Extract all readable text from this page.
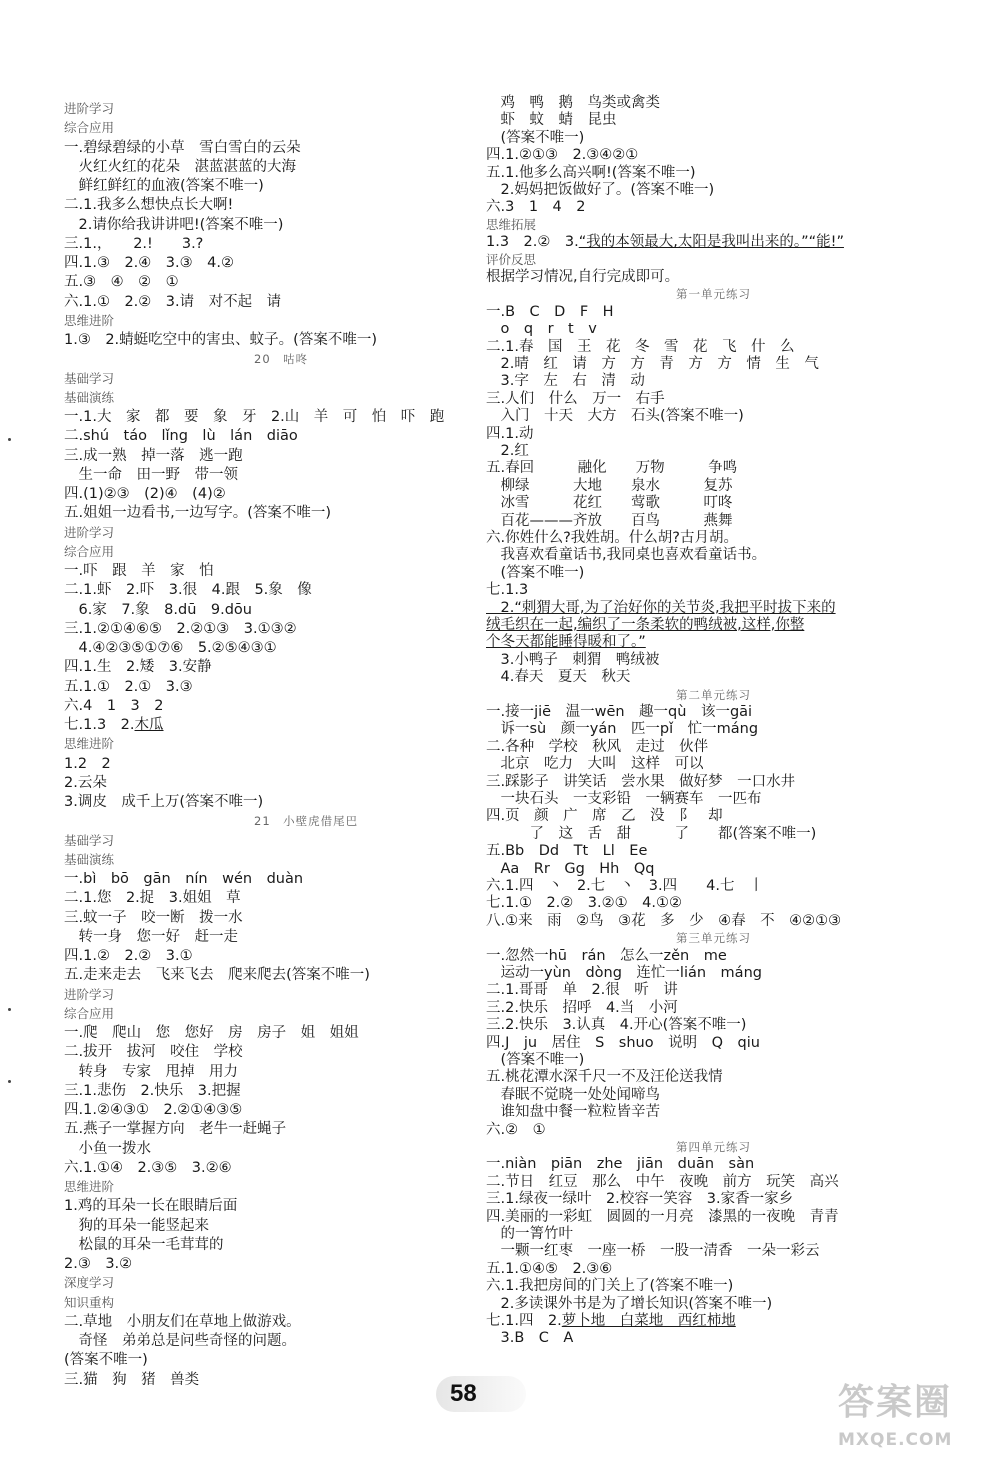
进阶学习
综合应用
一.碧绿碧绿的小草　雪白雪白的云朵
　火红火红的花朵　湛蓝湛蓝的大海
　鲜红鲜红的血液(答案不唯一)
二.1.我多么想快点长大啊!
　2.请你给我讲讲吧!(答案不唯一)
三.1.，　　2.!　　3.?
四.1.③　2.④　3.③　4.②
五.③　④　②　①
六.1.①　2.②　3.请　对不起　请
思维进阶
1.③　2.蜻蜓吃空中的害虫、蚊子。(答案不唯一)
20　咕咚
基础学习
基础演练
一.1.大　家　都　要　象　牙　2.山　羊　可　怕　吓　跑
二.shú　táo　lǐng　lù　lán　diāo
三.成一熟　掉一落　逃一跑
　生一命　田一野　带一领
四.(1)②③　(2)④　(4)②
五.姐姐一边看书,一边写字。(答案不唯一)
进阶学习
综合应用
一.吓　跟　羊　家　怕
二.1.虾　2.吓　3.很　4.跟　5.象　像
　6.家　7.象　8.dū　9.dōu
三.1.②①④⑥⑤　2.②①③　3.①③②
　4.④②③⑤①⑦⑥　5.②⑤④③①
四.1.生　2.矮　3.安静
五.1.①　2.①　3.③
六.4　1　3　2
七.1.3　2.木瓜
思维进阶
1.2　2
2.云朵
3.调皮　成千上万(答案不唯一)
21　小壁虎借尾巴
基础学习
基础演练
一.bì　bō　gān　nín　wén　duàn
二.1.您　2.捉　3.姐姐　草
三.蚊一子　咬一断　拨一水
　转一身　您一好　赶一走
四.1.②　2.②　3.①
五.走来走去　飞来飞去　爬来爬去(答案不唯一)
进阶学习
综合应用
一.爬　爬山　您　您好　房　房子　姐　姐姐
二.拔开　拔河　咬住　学校
　转身　专家　甩掉　用力
三.1.悲伤　2.快乐　3.把握
四.1.②④③①　2.②①④③⑤
五.燕子一掌握方向　老牛一赶蝇子
　小鱼一拨水
六.1.①④　2.③⑤　3.②⑥
思维进阶
1.鸡的耳朵一长在眼睛后面
　狗的耳朵一能竖起来
　松鼠的耳朵一毛茸茸的
2.③　3.②
深度学习
知识重构
二.草地　小朋友们在草地上做游戏。
　奇怪　弟弟总是问些奇怪的问题。
(答案不唯一)
三.猫　狗　猪　兽类
　鸡　鸭　鹅　鸟类或禽类
　虾　蚊　蜻　昆虫
　(答案不唯一)
四.1.②①③　2.③④②①
五.1.他多么高兴啊!(答案不唯一)
　2.妈妈把饭做好了。(答案不唯一)
六.3　1　4　2
思维拓展
1.3　2.②　3.“我的本领最大,太阳是我叫出来的。”“能!”
评价反思
根据学习情况,自行完成即可。
第一单元练习
一.B　C　D　F　H
　o　q　r　t　v
二.1.春　国　王　花　冬　雪　花　飞　什　么
　2.晴　红　请　方　方　青　方　方　情　生　气
　3.字　左　右　清　动
三.人们　什么　万一　右手
　入门　十天　大方　石头(答案不唯一)
四.1.动
　2.红
五.春回　　　融化　　万物　　　争鸣
　柳绿　　　大地　　泉水　　　复苏
　冰雪　　　花红　　莺歌　　　叮咚
　百花———齐放　　百鸟　　　燕舞
六.你姓什么?我姓胡。什么胡?古月胡。
　我喜欢看童话书,我同桌也喜欢看童话书。
　(答案不唯一)
七.1.3
　2.“刺猬大哥,为了治好你的关节炎,我把平时拔下来的
绒毛织在一起,编织了一条柔软的鸭绒被,这样,你整
个冬天都能睡得暖和了。”
　3.小鸭子　刺猬　鸭绒被
　4.春天　夏天　秋天
第二单元练习
一.接一jiē　温一wēn　趣一qù　该一gāi
　诉一sù　颜一yán　匹一pǐ　忙一máng
二.各种　学校　秋风　走过　伙伴
　北京　吃力　大叫　这样　可以
三.踩影子　讲笑话　尝水果　做好梦　一口水井
　一块石头　一支彩铅　一辆赛车　一匹布
四.页　颜　广　席　乙　没　阝　却
　　　了　这　舌　甜　　　了　　都(答案不唯一)
五.Bb　Dd　Tt　Ll　Ee
　Aa　Rr　Gg　Hh　Qq
六.1.四　丶　2.七　丶　3.四　　4.七　丨
七.1.①　2.②　3.②①　4.①②
八.①来　雨　②鸟　③花　多　少　④春　不　④②①③
第三单元练习
一.忽然一hū　rán　怎么一zěn　me
　运动一yùn　dòng　连忙一lián　máng
二.1.哥哥　单　2.很　听　讲
三.2.快乐　招呼　4.当　小河
三.2.快乐　3.认真　4.开心(答案不唯一)
四.J　ju　居住　S　shuo　说明　Q　qiu
　(答案不唯一)
五.桃花潭水深千尺一不及汪伦送我情
　春眠不觉晓一处处闻啼鸟
　谁知盘中餐一粒粒皆辛苦
六.②　①
第四单元练习
一.niàn　piān　zhe　jiān　duān　sàn
二.节日　红豆　那么　中午　夜晚　前方　玩笑　高兴
三.1.绿夜一绿叶　2.校容一笑容　3.家香一家乡
四.美丽的一彩虹　圆圆的一月亮　漆黑的一夜晚　青青
　的一箐竹叶
　一颗一红枣　一座一桥　一股一清香　一朵一彩云
五.1.①④⑤　2.③⑥
六.1.我把房间的门关上了(答案不唯一)
　2.多读课外书是为了增长知识(答案不唯一)
七.1.四　2.萝卜地　白菜地　西红柿地
　3.B　C　A
58	答案圈
MXQE.COM
